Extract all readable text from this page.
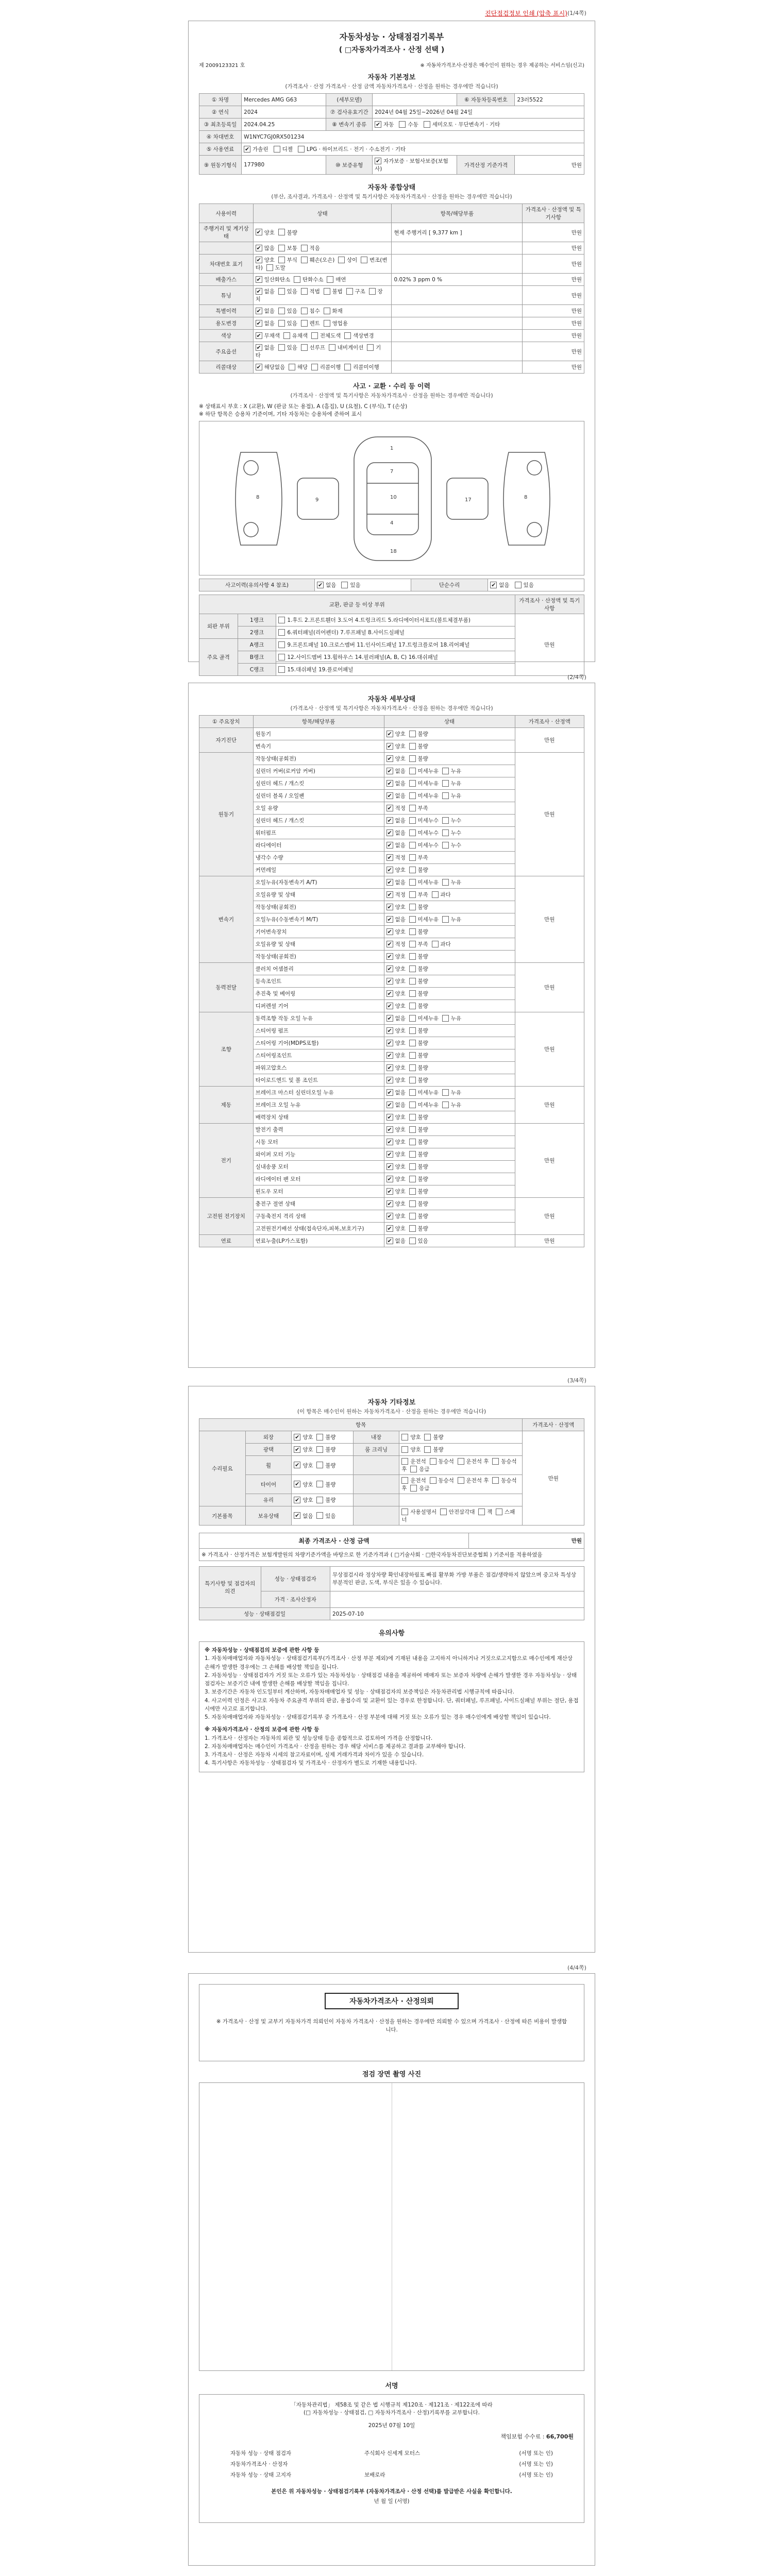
진단점검정보 인쇄 (압축 표시) (1/4쪽)
자동차성능 · 상태점검기록부
( □자동차가격조사 · 산정 선택 )
제 2009123321 호	※ 자동차가격조사·산정은 매수인이 원하는 경우 제공하는 서비스임(신고)
자동차 기본정보
(가격조사 · 산정 가격조사 · 산정 금액 자동차가격조사 · 산정을 원하는 경우에만 적습니다)
① 차명	Mercedes AMG G63	(세부모델)		⑥ 자동차등록번호	23러5522
② 연식	2024	⑦ 검사유효기간	2024년 04월 25일~2026년 04월 24일		
③ 최초등록일	2024.04.25	⑧ 변속기 종류	✔자동 수동 세미오토 · 무단변속기 · 기타
④ 차대번호	W1NYC7GJ0RX501234				
⑤ 사용연료	✔가솔린 디젤 LPG · 하이브리드 · 전기 · 수소전기 · 기타
⑨ 원동기형식	177980	⑩ 보증유형	✔자가보증 · 보험사보증(보험사)	가격산정 기준가격	만원
자동차 종합상태
(부산, 조사결과, 가격조사 · 산정액 및 특기사항은 자동차가격조사 · 산정을 원하는 경우에만 적습니다)
사용이력	상태	항목/해당부품	가격조사 · 산정액 및 특기사항
주행거리 및 계기상태	✔양호 불량	현재 주행거리 [ 9,377 km ]	만원
	✔많음 보통 적음		만원
차대번호 표기	✔양호 부식 훼손(오손) 상이 변조(변타) 도말		만원
배출가스	✔일산화탄소 탄화수소 매연	0.02% 3 ppm 0 %	만원
튜닝	✔없음 있음 적법 불법 구조 장치		만원
특별이력	✔없음 있음 침수 화재		만원
용도변경	✔없음 있음 렌트 영업용		만원
색상	✔무채색 유채색 전체도색 색상변경		만원
주요옵션	✔없음 있음 선루프 내비게이션 기타		만원
리콜대상	✔해당없음 해당 리콜이행 리콜미이행		만원
사고 · 교환 · 수리 등 이력
(가격조사 · 산정액 및 특기사항은 자동차가격조사 · 산정을 원하는 경우에만 적습니다)
※ 상태표시 부호 : X (교환), W (판금 또는 용접), A (흠집), U (요철), C (부식), T (손상)
※ 하단 항목은 승용차 기준이며, 기타 자동차는 승용차에 준하여 표시
1
7
10
4
18
8	8
9	17
사고이력(유의사항 4 참조)	✔없음	있음	단순수리	✔없음	있음
교환, 판금 등 이상 부위			가격조사 · 산정액 및 특기사항
외판 부위	1랭크	1.후드 2.프론트휀더 3.도어 4.트렁크리드 5.라디에이터서포트(볼트체결부품)	만원
	2랭크	6.쿼터패널(리어펜더) 7.루프패널 8.사이드실패널	
주요 골격	A랭크	9.프론트패널 10.크로스멤버 11.인사이드패널 17.트렁크플로어 18.리어패널	
	B랭크	12.사이드멤버 13.휠하우스 14.필러패널(A, B, C) 16.대쉬패널	
	C랭크	15.대쉬패널 19.플로어패널	
(2/4쪽)
자동차 세부상태
(가격조사 · 산정액 및 특기사항은 자동차가격조사 · 산정을 원하는 경우에만 적습니다)
① 주요장치	항목/해당부품	상태	가격조사 · 산정액
자기진단	원동기	✔양호 불량	만원
	변속기	✔양호 불량
원동기	작동상태(공회전)	✔양호 불량	만원
	실린더 커버(로커암 커버)	✔없음 미세누유 누유
	실린더 헤드 / 개스킷	✔없음 미세누유 누유
	실린더 블록 / 오일팬	✔없음 미세누유 누유
	오일 유량	✔적정 부족
	실린더 헤드 / 개스킷	✔없음 미세누수 누수
	워터펌프	✔없음 미세누수 누수
	라디에이터	✔없음 미세누수 누수
	냉각수 수량	✔적정 부족
	커먼레일	✔양호 불량
변속기	오일누유(자동변속기 A/T)	✔없음 미세누유 누유	만원
	오일유량 및 상태	✔적정 부족 과다
	작동상태(공회전)	✔양호 불량
	오일누유(수동변속기 M/T)	✔없음 미세누유 누유
	기어변속장치	✔양호 불량
	오일유량 및 상태	✔적정 부족 과다
	작동상태(공회전)	✔양호 불량
동력전달	클러치 어셈블리	✔양호 불량	만원
	등속조인트	✔양호 불량
	추진축 및 베어링	✔양호 불량
	디퍼렌셜 기어	✔양호 불량
조향	동력조향 작동 오일 누유	✔없음 미세누유 누유	만원
	스티어링 펌프	✔양호 불량
	스티어링 기어(MDPS포함)	✔양호 불량
	스티어링조인트	✔양호 불량
	파워고압호스	✔양호 불량
	타이로드엔드 및 볼 조인트	✔양호 불량
제동	브레이크 마스터 실린더오일 누유	✔없음 미세누유 누유	만원
	브레이크 오일 누유	✔없음 미세누유 누유
	배력장치 상태	✔양호 불량
전기	발전기 출력	✔양호 불량	만원
	시동 모터	✔양호 불량
	와이퍼 모터 기능	✔양호 불량
	실내송풍 모터	✔양호 불량
	라디에이터 팬 모터	✔양호 불량
	윈도우 모터	✔양호 불량
고전원 전기장치	충전구 절연 상태	✔양호 불량	만원
	구동축전지 격리 상태	✔양호 불량
	고전원전기배선 상태(접속단자,피복,보호기구)	✔양호 불량
연료	연료누출(LP가스포함)	✔없음 있음	만원
(3/4쪽)
자동차 기타정보
(이 항목은 매수인이 원하는 자동차가격조사 · 산정을 원하는 경우에만 적습니다)
항목					가격조사 · 산정액
수리필요	외장	✔양호 불량	내장	양호 불량	만원
	광택	✔양호 불량	룸 크리닝	양호 불량	
	휠	✔양호 불량		운전석 동승석 운전석 후 동승석 후 응급	
	타이어	✔양호 불량		운전석 동승석 운전석 후 동승석 후 응급	
	유리	✔양호 불량		
기본품목	보유상태	✔없음 있음		사용설명서 안전삼각대 잭 스패너	
최종 가격조사 · 산정 금액	만원
※ 가격조사 · 산정가격은 보험개발원의 차량기준가액을 바탕으로 한 기준가격과 ( □기술사회 · □한국자동차진단보증협회 ) 기준서를 적용하였음
특기사항 및 점검자의 의견	성능 · 상태점검자	무상점검시라 정상차량 확인내장하림포 빠짐 활부화 가방 부품은 점검/생략하지 않았으며 중고차 특성상 부분적인 판금, 도색, 부식은 있을 수 있습니다.
	가격 · 조사산정자	
성능 · 상태점검일		2025-07-10
유의사항
※ 자동차성능 · 상태점검의 보증에 관한 사항 등
1. 자동차매매업자와 자동차성능 · 상태점검기록부(가격조사 · 산정 부분 제외)에 기재된 내용을 고지하지 아니하거나 거짓으로고지함으로 매수인에게 재산상 손해가 발생한 경우에는 그 손해를 배상할 책임을 집니다.
2. 자동차성능 · 상태점검자가 거짓 또는 오류가 있는 자동차성능 · 상태점검 내용을 제공하여 매매자 또는 보증자 차량에 손해가 발생한 경우 자동차성능 · 상태점검자는 보증기간 내에 발생한 손해를 배상할 책임을 집니다.
3. 보증기간은 자동차 인도일부터 계산하며, 자동차매매업자 및 성능 · 상태점검자의 보증책임은 자동차관리법 시행규칙에 따릅니다.
4. 사고이력 인정은 사고로 자동차 주요골격 부위의 판금, 용접수리 및 교환이 있는 경우로 한정합니다. 단, 쿼터패널, 루프패널, 사이드실패널 부위는 절단, 용접시에만 사고로 표기합니다.
5. 자동차매매업자와 자동차성능 · 상태점검기록부 중 가격조사 · 산정 부분에 대해 거짓 또는 오류가 있는 경우 매수인에게 배상할 책임이 있습니다.
※ 자동차가격조사 · 산정의 보증에 관한 사항 등
1. 가격조사 · 산정자는 자동차의 외관 및 성능상태 등을 종합적으로 검토하여 가격을 산정합니다.
2. 자동차매매업자는 매수인이 가격조사 · 산정을 원하는 경우 해당 서비스를 제공하고 결과를 교부해야 합니다.
3. 가격조사 · 산정은 자동차 시세의 참고자료이며, 실제 거래가격과 차이가 있을 수 있습니다.
4. 특기사항은 자동차성능 · 상태점검자 및 가격조사 · 산정자가 별도로 기재한 내용입니다.
(4/4쪽)
자동차가격조사 · 산정의뢰
※ 가격조사 · 산정 및 교부기 자동차가격 의뢰인이 자동차 가격조사 · 산정을 원하는 경우에만 의뢰할 수 있으며 가격조사 · 산정에 따른 비용이 발생합니다.
점검 장면 촬영 사진
서명
「자동차관리법」 제58조 및 같은 법 시행규칙 제120조 · 제121조 · 제122조에 따라
(□ 자동차성능 · 상태점검, □ 자동차가격조사 · 산정)기록부를 교부합니다.
2025년 07월 10일
책임보험 수수료 : 66,700원
자동차 성능 · 상태 점검자	주식회사 신세계 모터스	(서명 또는 인)
자동차가격조사 · 산정자	(서명 또는 인)
자동차 성능 · 상태 고지자	보배로라	(서명 또는 인)
본인은 위 자동차성능 · 상태점검기록부 (자동차가격조사 · 산정 선택)를 발급받은 사실을 확인합니다.
년 월 일 (서명)
